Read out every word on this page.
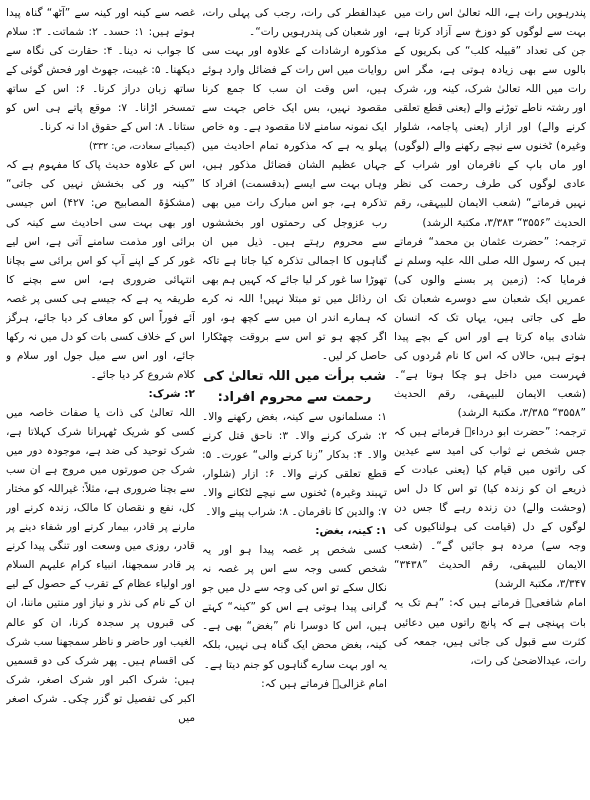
پندرہویں رات ہے، اللہ تعالیٰ اس رات میں بہت سے لوگوں کو دوزخ سے آزاد کرتا ہے، جن کی تعداد ”قبیلہ کلب“ کی بکریوں کے بالوں سے بھی زیادہ ہوتی ہے، مگر اس رات میں اللہ تعالیٰ شرک، کینہ ور، شرک اور رشتہ ناطے توڑنے والے (یعنی قطع تعلقی کرنے والے) اور ازار (یعنی پاجامہ، شلوار وغیرہ) ٹخنوں سے نیچے رکھنے والے (لوگوں) اور ماں باپ کے نافرمان اور شراب کے عادی لوگوں کی طرف رحمت کی نظر نہیں فرماتے“ (شعب الایمان للبیہقی، رقم الحدیث ”۳۵۵۶“ ۳/۳۸۳، مکتبۃ الرشد)

ترجمہ: ”حضرت عثمان بن محمد“ فرماتے ہیں کہ رسول اللہ صلی اللہ علیہ وسلم نے فرمایا کہ: (زمین پر بسنے والوں کی) عمریں ایک شعبان سے دوسرے شعبان تک طے کی جاتی ہیں، یہاں تک کہ انسان شادی بیاہ کرتا ہے اور اس کے بچے پیدا ہوتے ہیں، حالاں کہ اس کا نام مُردوں کی فہرست میں داخل ہو چکا ہوتا ہے“۔ (شعب الایمان للبیہقی، رقم الحدیث ”۳۵۵۸“ ۳/۳۸۵، مکتبۃ الرشد)

ترجمہ: ”حضرت ابو درداءؓ فرماتے ہیں کہ جس شخص نے ثواب کی امید سے عیدین کی راتوں میں قیام کیا (یعنی عبادت کے ذریعے ان کو زندہ کیا) تو اس کا دل اس (وحشت والے) دن زندہ رہے گا جس دن لوگوں کے دل (قیامت کی ہولناکیوں کی وجہ سے) مردہ ہو جائیں گے“۔ (شعب الایمان للبیہقی، رقم الحدیث ”۳۴۳۸“ ۳/۳۴۷، مکتبۃ الرشد)

امام شافعیؒ فرماتے ہیں کہ: ”ہم تک یہ بات پہنچی ہے کہ پانچ راتوں میں دعائیں کثرت سے قبول کی جاتی ہیں، جمعہ کی رات، عیدالاضحیٰ کی رات،

عیدالفطر کی رات، رجب کی پہلی رات، اور شعبان کی پندرہویں رات“۔

مذکورہ ارشادات کے علاوہ اور بہت سی روایات میں اس رات کے فضائل وارد ہوئے ہیں، اس وقت ان سب کا جمع کرنا مقصود نہیں، بس ایک خاص جہت سے ایک نمونہ سامنے لانا مقصود ہے۔ وہ خاص پہلو یہ ہے کہ مذکورہ تمام احادیث میں جہاں عظیم الشان فضائل مذکور ہیں، وہاں بہت سے ایسے (بدقسمت) افراد کا تذکرہ ہے، جو اس مبارک رات میں بھی رب عزوجل کی رحمتوں اور بخششوں سے محروم رہتے ہیں۔ ذیل میں ان گناہوں کا اجمالی تذکرہ کیا جاتا ہے تاکہ تھوڑا سا غور کر لیا جائے کہ کہیں ہم بھی ان رذائل میں تو مبتلا نہیں! اللہ نہ کرے کہ ہمارے اندر ان میں سے کچھ ہو، اور اگر کچھ ہو تو اس سے بروقت چھٹکارا حاصل کر لیں۔

شب برأت میں اللہ تعالیٰ کی رحمت سے محروم افراد:

۱: مسلمانوں سے کینہ، بغض رکھنے والا۔ ۲: شرک کرنے والا۔ ۳: ناحق قتل کرنے والا۔ ۴: بدکار ”زنا کرنے والی“ عورت۔ ۵: قطع تعلقی کرنے والا۔ ۶: ازار (شلوار، تہبند وغیرہ) ٹخنوں سے نیچے لٹکانے والا۔ ۷: والدین کا نافرمان۔ ۸: شراب پینے والا۔

۱: کینہ، بغض:

کسی شخص پر غصہ پیدا ہو اور یہ شخص کسی وجہ سے اس پر غصہ نہ نکال سکے تو اس کی وجہ سے دل میں جو گرانی پیدا ہوتی ہے اس کو ”کینہ“ کہتے ہیں، اس کا دوسرا نام ”بغض“ بھی ہے۔ کینہ، بغض محض ایک گناہ ہی نہیں، بلکہ یہ اور بہت سارے گناہوں کو جنم دیتا ہے۔

امام غزالیؒ فرماتے ہیں کہ:

غصہ سے کینہ اور کینہ سے ”آٹھ“ گناہ پیدا ہوتے ہیں: ۱: حسد۔ ۲: شماتت۔ ۳: سلام کا جواب نہ دینا۔ ۴: حقارت کی نگاہ سے دیکھنا۔ ۵: غیبت، جھوٹ اور فحش گوئی کے ساتھ زبان دراز کرنا۔ ۶: اس کے ساتھ تمسخر اڑانا۔ ۷: موقع پاتے ہی اس کو ستانا۔ ۸: اس کے حقوق ادا نہ کرنا۔

(کیمیائے سعادت، ص: ۳۳۲)

اس کے علاوہ حدیث پاک کا مفہوم ہے کہ ”کینہ ور کی بخشش نہیں کی جاتی“ (مشکوٰۃ المصابیح ص: ۴۲۷) اس جیسی اور بھی بہت سی احادیث سے کینہ کی برائی اور مذمت سامنے آتی ہے، اس لیے غور کر کے اپنے آپ کو اس برائی سے بچانا انتہائی ضروری ہے، اس سے بچنے کا طریقہ یہ ہے کہ جیسے ہی کسی پر غصہ آئے فوراً اس کو معاف کر دیا جائے، ہرگز اس کے خلاف کسی بات کو دل میں نہ رکھا جائے، اور اس سے میل جول اور سلام و کلام شروع کر دیا جائے۔

۲: شرک:

اللہ تعالیٰ کی ذات یا صفات خاصہ میں کسی کو شریک ٹھہرانا شرک کہلاتا ہے، شرک توحید کی ضد ہے، موجودہ دور میں شرک جن صورتوں میں مروج ہے ان سب سے بچنا ضروری ہے، مثلاً: غیراللہ کو مختار کل، نفع و نقصان کا مالک، زندہ کرنے اور مارنے پر قادر، بیمار کرنے اور شفاء دینے پر قادر، روزی میں وسعت اور تنگی پیدا کرنے پر قادر سمجھنا، انبیاء کرام علیہم السلام اور اولیاء عظام کے تقرب کے حصول کے لیے ان کے نام کی نذر و نیاز اور منتیں ماننا، ان کی قبروں پر سجدہ کرنا، ان کو عالم الغیب اور حاضر و ناظر سمجھنا سب شرک کی اقسام ہیں۔ پھر شرک کی دو قسمیں ہیں: شرک اکبر اور شرک اصغر، شرک اکبر کی تفصیل تو گزر چکی۔ شرک اصغر میں
